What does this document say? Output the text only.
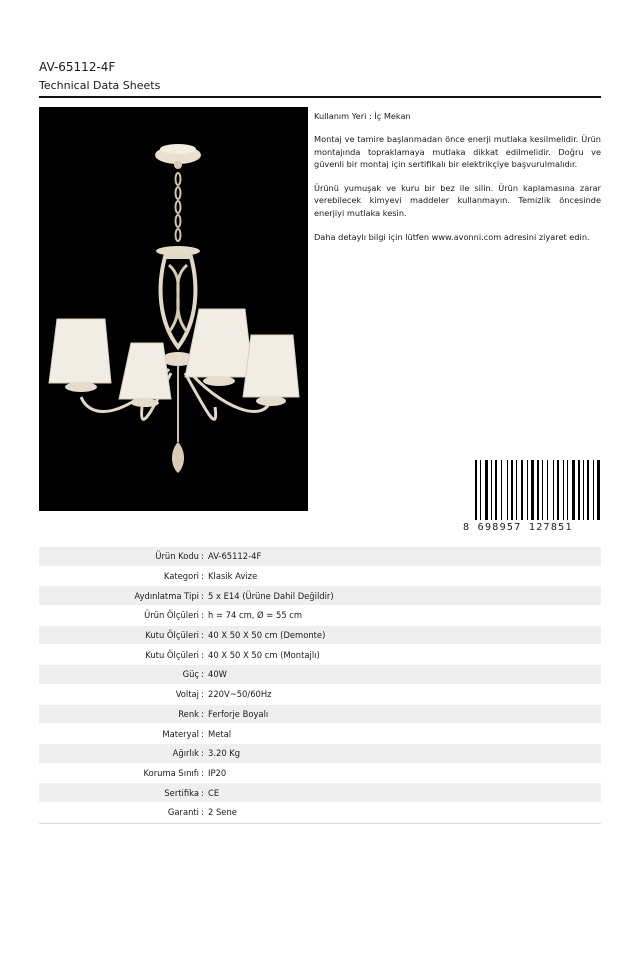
AV-65112-4F
Technical Data Sheets

Kullanım Yeri : İç Mekan

Montaj ve tamire başlanmadan önce enerji mutlaka kesilmelidir. Ürün montajında topraklamaya mutlaka dikkat edilmelidir. Doğru ve güvenli bir montaj için sertifikalı bir elektrikçiye başvurulmalıdır.

Ürünü yumuşak ve kuru bir bez ile silin. Ürün kaplamasına zarar verebilecek kimyevi maddeler kullanmayın. Temizlik öncesinde enerjiyi mutlaka kesin.

Daha detaylı bilgi için lütfen www.avonni.com adresini ziyaret edin.

8 698957 127851
Ürün Kodu : AV-65112-4F
Kategori : Klasik Avize
Aydınlatma Tipi : 5 x E14 (Ürüne Dahil Değildir)
Ürün Ölçüleri : h = 74 cm, Ø = 55 cm
Kutu Ölçüleri : 40 X 50 X 50 cm (Demonte)
Kutu Ölçüleri : 40 X 50 X 50 cm (Montajlı)
Güç : 40W
Voltaj : 220V~50/60Hz
Renk : Ferforje Boyalı
Materyal : Metal
Ağırlık : 3.20 Kg
Koruma Sınıfı : IP20
Sertifika : CE
Garanti : 2 Sene
